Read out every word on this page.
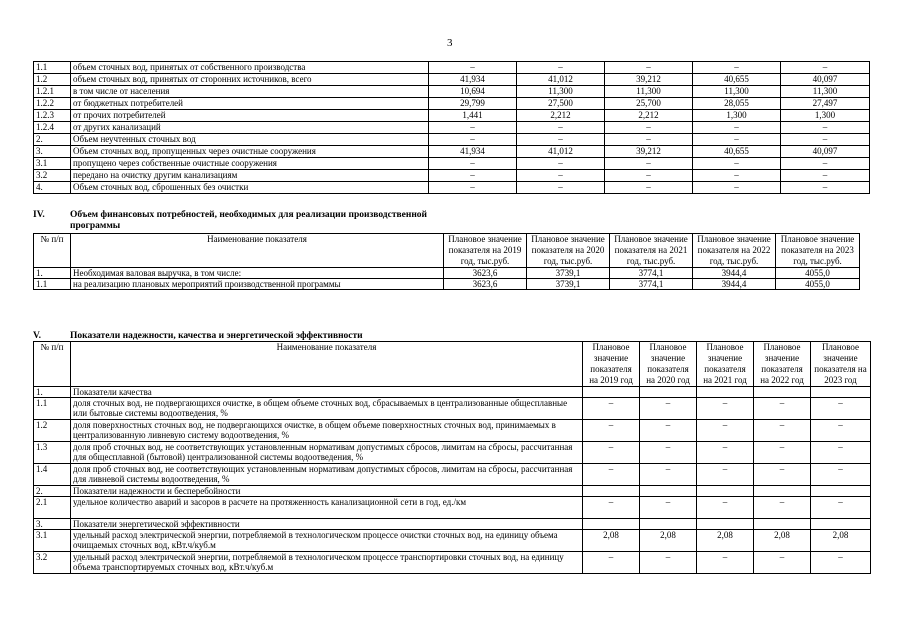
3
1.1	объем сточных вод, принятых от собственного производства	–	–	–	–	–
1.2	объем сточных вод, принятых от сторонних источников, всего	41,934	41,012	39,212	40,655	40,097
1.2.1	в том числе от населения	10,694	11,300	11,300	11,300	11,300
1.2.2	от бюджетных потребителей	29,799	27,500	25,700	28,055	27,497
1.2.3	от прочих потребителей	1,441	2,212	2,212	1,300	1,300
1.2.4	от других канализаций	–	–	–	–	–
2.	Объем неучтенных сточных вод	–	–	–	–	–
3.	Объем сточных вод, пропущенных через очистные сооружения	41,934	41,012	39,212	40,655	40,097
3.1	пропущено через собственные очистные сооружения	–	–	–	–	–
3.2	передано на очистку другим канализациям	–	–	–	–	–
4.	Объем сточных вод, сброшенных без очистки	–	–	–	–	–
IV.	Объем финансовых потребностей, необходимых для реализации производственной
программы
№ п/п	Наименование показателя	Плановое значение показателя на 2019 год, тыс.руб.	Плановое значение показателя на 2020 год, тыс.руб.	Плановое значение показателя на 2021 год, тыс.руб.	Плановое значение показателя на 2022 год, тыс.руб.	Плановое значение показателя на 2023 год, тыс.руб.
1.	Необходимая валовая выручка, в том числе:	3623,6	3739,1	3774,1	3944,4	4055,0
1.1	на реализацию плановых мероприятий производственной программы	3623,6	3739,1	3774,1	3944,4	4055,0
V.	Показатели надежности, качества и энергетической эффективности
№ п/п	Наименование показателя	Плановое значение показателя на 2019 год	Плановое значение показателя на 2020 год	Плановое значение показателя на 2021 год	Плановое значение показателя на 2022 год	Плановое значение показателя на 2023 год
1.	Показатели качества					
1.1	доля сточных вод, не подвергающихся очистке, в общем объеме сточных вод, сбрасываемых в централизованные общесплавные или бытовые системы водоотведения, %	–	–	–	–	–
1.2	доля поверхностных сточных вод, не подвергающихся очистке, в общем объеме поверхностных сточных вод, принимаемых в централизованную ливневую систему водоотведения, %	–	–	–	–	–
1.3	доля проб сточных вод, не соответствующих установленным нормативам допустимых сбросов, лимитам на сбросы, рассчитанная для общесплавной (бытовой) централизованной системы водоотведения, %	–	–	–	–	–
1.4	доля проб сточных вод, не соответствующих установленным нормативам допустимых сбросов, лимитам на сбросы, рассчитанная для ливневой системы водоотведения, %	–	–	–	–	–
2.	Показатели надежности и бесперебойности					
2.1	удельное количество аварий и засоров в расчете на протяженность канализационной сети в год, ед./км	–	–	–	–	–
3.	Показатели энергетической эффективности					
3.1	удельный расход электрической энергии, потребляемой в технологическом процессе очистки сточных вод, на единицу объема очищаемых сточных вод, кВт.ч/куб.м	2,08	2,08	2,08	2,08	2,08
3.2	удельный расход электрической энергии, потребляемой в технологическом процессе транспортировки сточных вод, на единицу объема транспортируемых сточных вод, кВт.ч/куб.м	–	–	–	–	–
